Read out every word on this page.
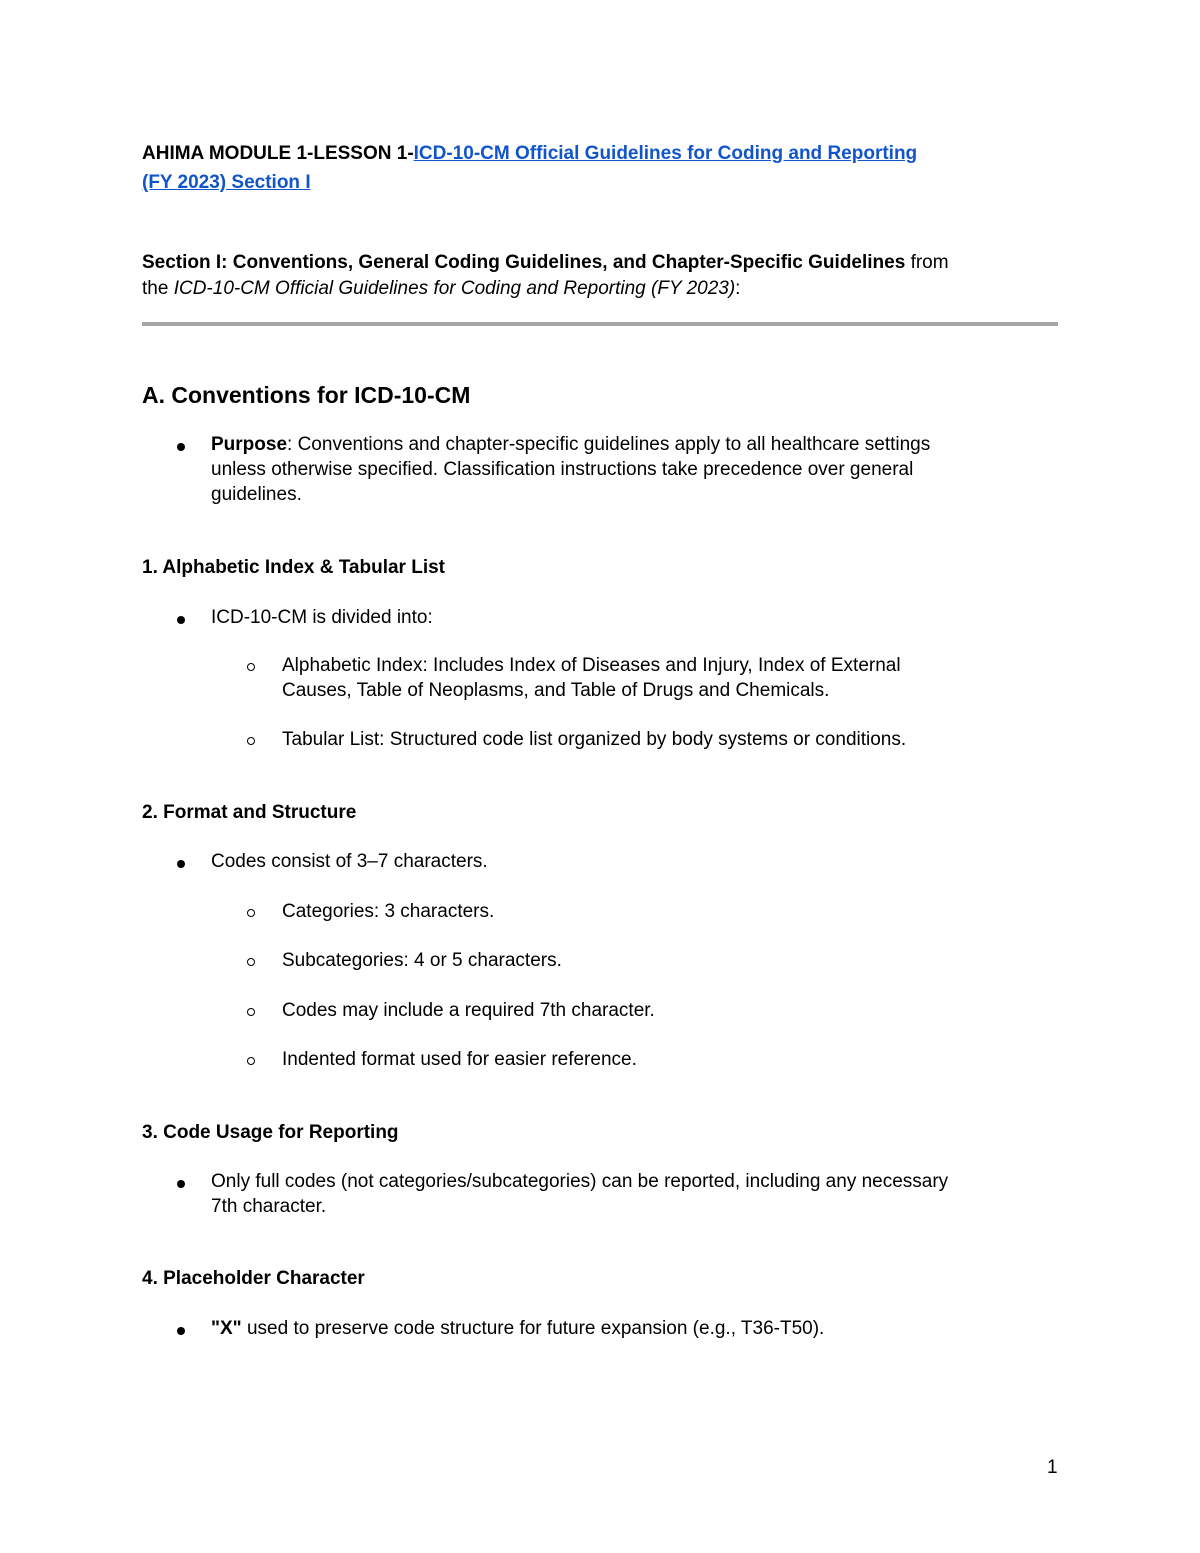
AHIMA MODULE 1-LESSON 1-ICD-10-CM Official Guidelines for Coding and Reporting
(FY 2023) Section I
Section I: Conventions, General Coding Guidelines, and Chapter-Specific Guidelines from
the ICD-10-CM Official Guidelines for Coding and Reporting (FY 2023):
A. Conventions for ICD-10-CM
Purpose: Conventions and chapter-specific guidelines apply to all healthcare settings
unless otherwise specified. Classification instructions take precedence over general
guidelines.
1. Alphabetic Index & Tabular List
ICD-10-CM is divided into:
Alphabetic Index: Includes Index of Diseases and Injury, Index of External
Causes, Table of Neoplasms, and Table of Drugs and Chemicals.
Tabular List: Structured code list organized by body systems or conditions.
2. Format and Structure
Codes consist of 3–7 characters.
Categories: 3 characters.
Subcategories: 4 or 5 characters.
Codes may include a required 7th character.
Indented format used for easier reference.
3. Code Usage for Reporting
Only full codes (not categories/subcategories) can be reported, including any necessary
7th character.
4. Placeholder Character
"X" used to preserve code structure for future expansion (e.g., T36-T50).
1
